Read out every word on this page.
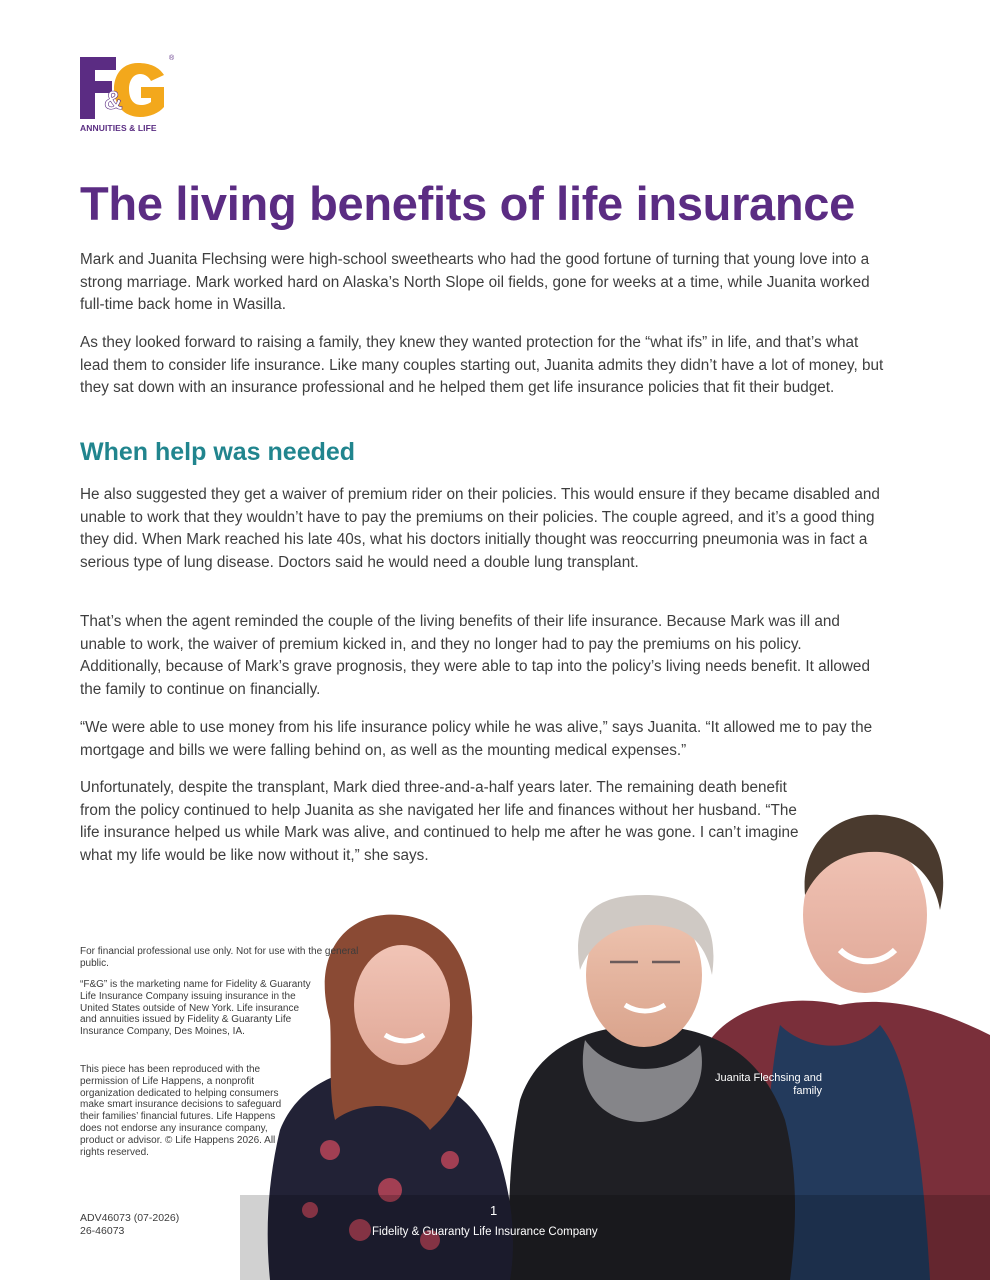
&
®
ANNUITIES & LIFE
The living benefits of life insurance

Mark and Juanita Flechsing were high-school sweethearts who had the good fortune of turning that young love into a strong marriage. Mark worked hard on Alaska’s North Slope oil fields, gone for weeks at a time, while Juanita worked full-time back home in Wasilla.

As they looked forward to raising a family, they knew they wanted protection for the “what ifs” in life, and that’s what lead them to consider life insurance. Like many couples starting out, Juanita admits they didn’t have a lot of money, but they sat down with an insurance professional and he helped them get life insurance policies that fit their budget.

When help was needed

He also suggested they get a waiver of premium rider on their policies. This would ensure if they became disabled and unable to work that they wouldn’t have to pay the premiums on their policies. The couple agreed, and it’s a good thing they did. When Mark reached his late 40s, what his doctors initially thought was reoccurring pneumonia was in fact a serious type of lung disease. Doctors said he would need a double lung transplant.

That’s when the agent reminded the couple of the living benefits of their life insurance. Because Mark was ill and unable to work, the waiver of premium kicked in, and they no longer had to pay the premiums on his policy. Additionally, because of Mark’s grave prognosis, they were able to tap into the policy’s living needs benefit. It allowed the family to continue on financially.

“We were able to use money from his life insurance policy while he was alive,” says Juanita. “It allowed me to pay the mortgage and bills we were falling behind on, as well as the mounting medical expenses.”

Unfortunately, despite the transplant, Mark died three-and-a-half years later. The remaining death benefit from the policy continued to help Juanita as she navigated her life and finances without her husband. “The life insurance helped us while Mark was alive, and continued to help me after he was gone. I can’t imagine what my life would be like now without it,” she says.

Juanita Flechsing and family
1
Fidelity & Guaranty Life Insurance Company

For financial professional use only. Not for use with the general public.

“F&G” is the marketing name for Fidelity & Guaranty Life Insurance Company issuing insurance in the United States outside of New York. Life insurance and annuities issued by Fidelity & Guaranty Life Insurance Company, Des Moines, IA.

This piece has been reproduced with the permission of Life Happens, a nonprofit organization dedicated to helping consumers make smart insurance decisions to safeguard their families’ financial futures. Life Happens does not endorse any insurance company, product or advisor. © Life Happens 2026. All rights reserved.

ADV46073 (07-2026)
26-46073
